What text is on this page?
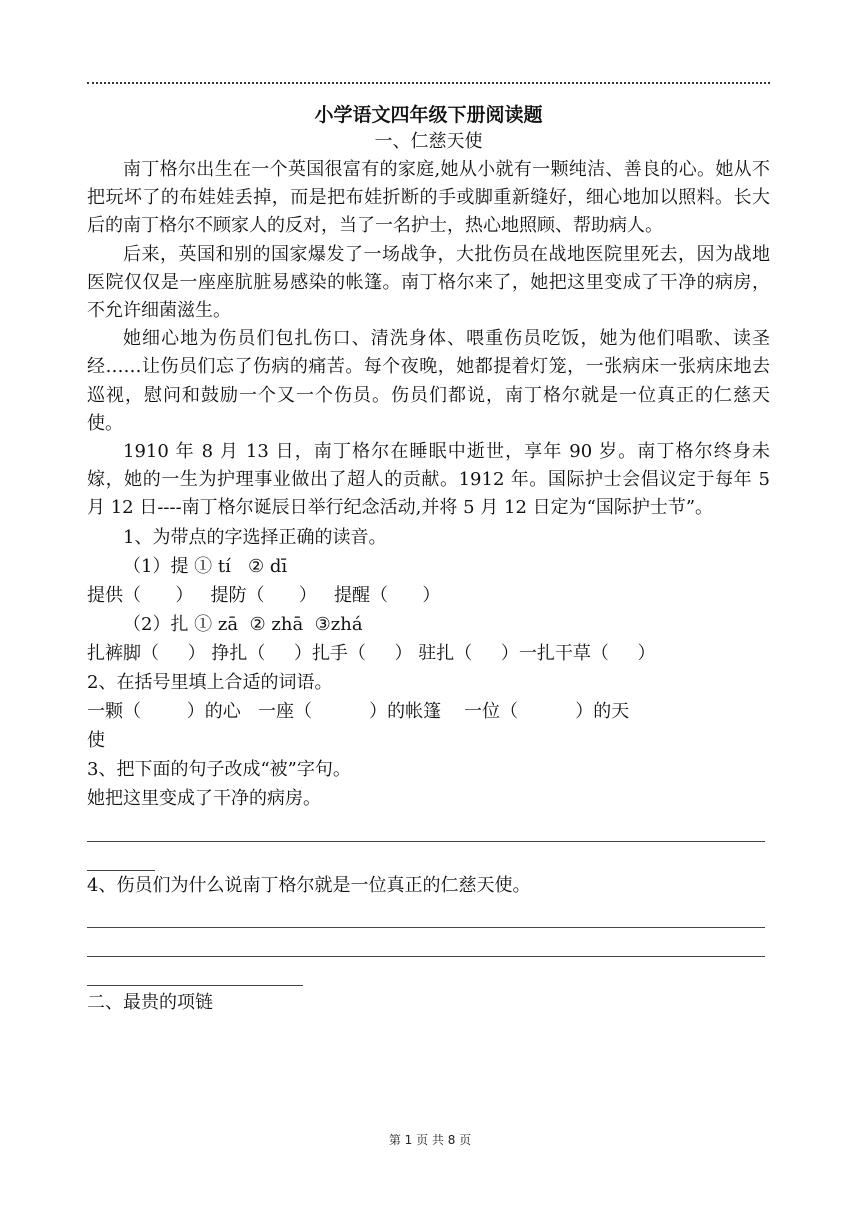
小学语文四年级下册阅读题

一、仁慈天使

南丁格尔出生在一个英国很富有的家庭,她从小就有一颗纯洁、善良的心。她从不把玩坏了的布娃娃丢掉，而是把布娃折断的手或脚重新缝好，细心地加以照料。长大后的南丁格尔不顾家人的反对，当了一名护士，热心地照顾、帮助病人。

后来，英国和别的国家爆发了一场战争，大批伤员在战地医院里死去，因为战地医院仅仅是一座座肮脏易感染的帐篷。南丁格尔来了，她把这里变成了干净的病房，不允许细菌滋生。

她细心地为伤员们包扎伤口、清洗身体、喂重伤员吃饭，她为他们唱歌、读圣经……让伤员们忘了伤病的痛苦。每个夜晚，她都提着灯笼，一张病床一张病床地去巡视，慰问和鼓励一个又一个伤员。伤员们都说，南丁格尔就是一位真正的仁慈天使。

1910 年 8 月 13 日，南丁格尔在睡眠中逝世，享年 90 岁。南丁格尔终身未嫁，她的一生为护理事业做出了超人的贡献。1912 年。国际护士会倡议定于每年 5 月 12 日----南丁格尔诞辰日举行纪念活动,并将 5 月 12 日定为“国际护士节”。

1、为带点的字选择正确的读音。

（1）提 ① tí   ② dī

提供（      ）   提防（      ）   提醒（      ）

（2）扎 ① zā  ② zhā  ③zhá

扎裤脚（     ） 挣扎（     ）扎手（     ） 驻扎（     ）一扎干草（     ）

2、在括号里填上合适的词语。

一颗（        ）的心   一座（          ）的帐篷    一位（          ）的天

使

3、把下面的句子改成“被”字句。

她把这里变成了干净的病房。

4、伤员们为什么说南丁格尔就是一位真正的仁慈天使。

二、最贵的项链

第 1 页 共 8 页
